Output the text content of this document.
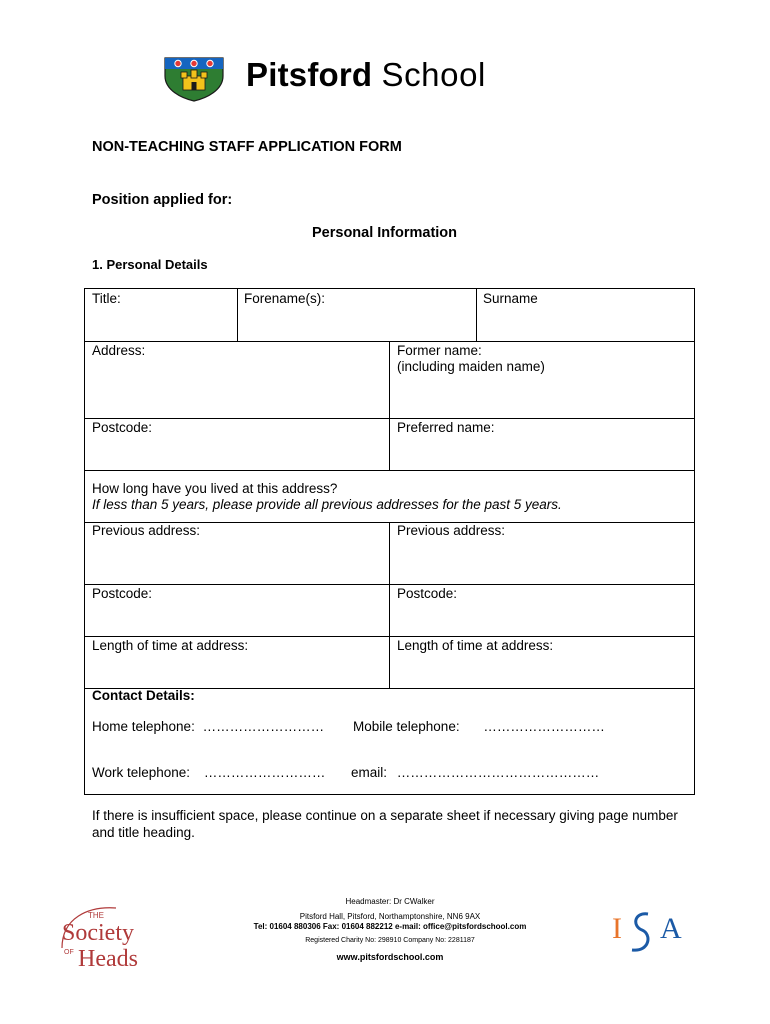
Pitsford School
NON-TEACHING STAFF APPLICATION FORM
Position applied for:
Personal Information
1. Personal Details
Title:	Forename(s):	Surname
Address:	Former name:
(including maiden name)
Postcode:	Preferred name:
How long have you lived at this address?
If less than 5 years, please provide all previous addresses for the past 5 years.
Previous address:	Previous address:
Postcode:	Postcode:
Length of time at address:	Length of time at address:
Contact Details:
Home telephone: ……………………… Mobile telephone: ………………………
Work telephone: ……………………… email: ………………………………………
If there is insufficient space, please continue on a separate sheet if necessary giving page number and title heading.
Headmaster: Dr CWalker
Pitsford Hall, Pitsford, Northamptonshire, NN6 9AX
Tel: 01604 880306 Fax: 01604 882212 e-mail: office@pitsfordschool.com
Registered Charity No: 298910 Company No: 2281187
www.pitsfordschool.com
THE
Society
OF Heads
I A
